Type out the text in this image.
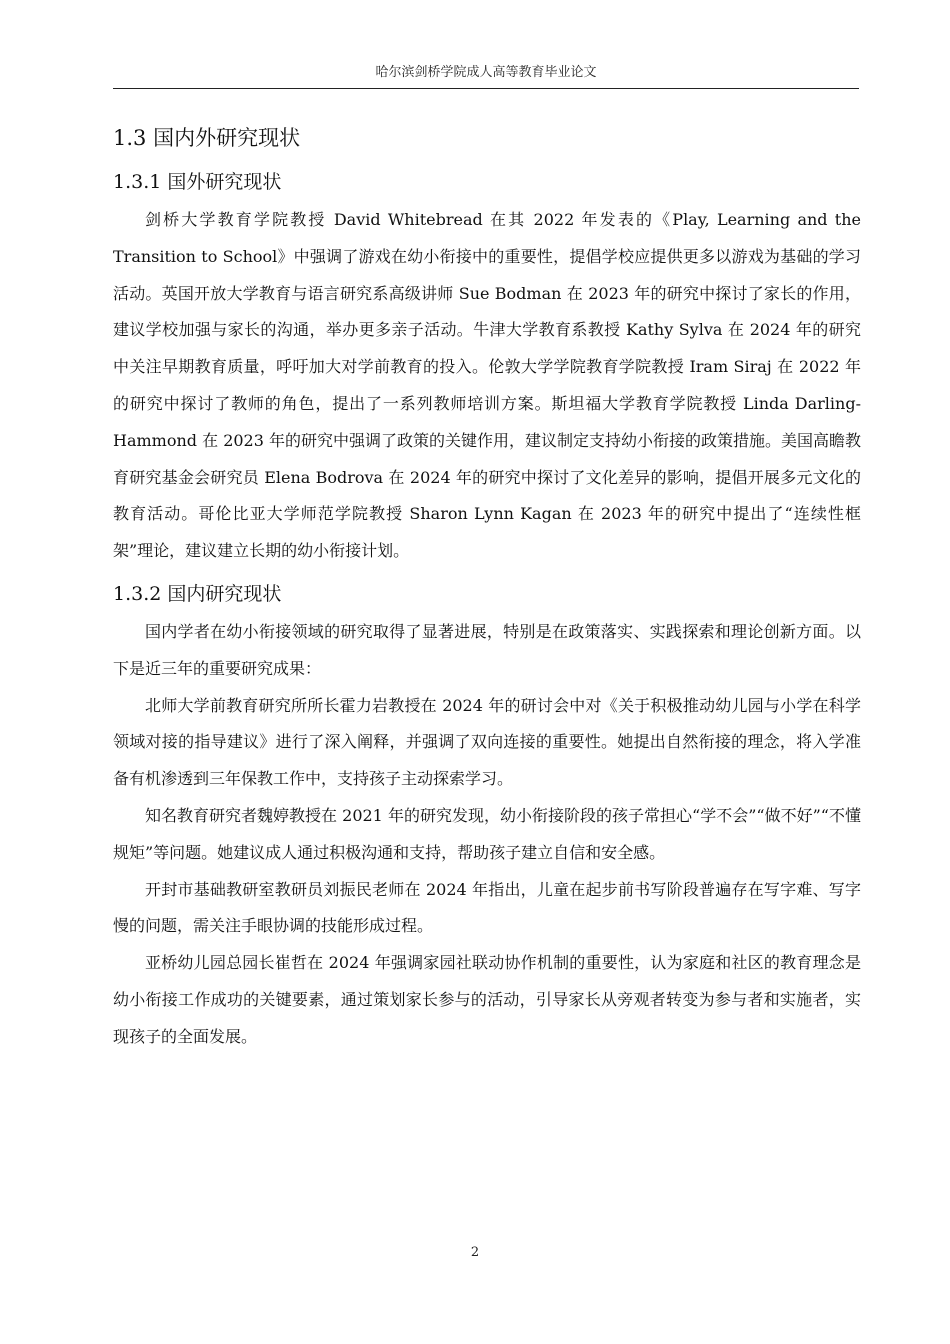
哈尔滨剑桥学院成人高等教育毕业论文
1.3 国内外研究现状
1.3.1 国外研究现状

剑桥大学教育学院教授 David Whitebread 在其 2022 年发表的《Play, Learning and the Transition to School》中强调了游戏在幼小衔接中的重要性，提倡学校应提供更多以游戏为基础的学习活动。英国开放大学教育与语言研究系高级讲师 Sue Bodman 在 2023 年的研究中探讨了家长的作用，建议学校加强与家长的沟通，举办更多亲子活动。牛津大学教育系教授 Kathy Sylva 在 2024 年的研究中关注早期教育质量，呼吁加大对学前教育的投入。伦敦大学学院教育学院教授 Iram Siraj 在 2022 年的研究中探讨了教师的角色，提出了一系列教师培训方案。斯坦福大学教育学院教授 Linda Darling-Hammond 在 2023 年的研究中强调了政策的关键作用，建议制定支持幼小衔接的政策措施。美国高瞻教育研究基金会研究员 Elena Bodrova 在 2024 年的研究中探讨了文化差异的影响，提倡开展多元文化的教育活动。哥伦比亚大学师范学院教授 Sharon Lynn Kagan 在 2023 年的研究中提出了“连续性框架”理论，建议建立长期的幼小衔接计划。

1.3.2 国内研究现状

国内学者在幼小衔接领域的研究取得了显著进展，特别是在政策落实、实践探索和理论创新方面。以下是近三年的重要研究成果：

北师大学前教育研究所所长霍力岩教授在 2024 年的研讨会中对《关于积极推动幼儿园与小学在科学领域对接的指导建议》进行了深入阐释，并强调了双向连接的重要性。她提出自然衔接的理念，将入学准备有机渗透到三年保教工作中，支持孩子主动探索学习。

知名教育研究者魏婷教授在 2021 年的研究发现，幼小衔接阶段的孩子常担心“学不会”“做不好”“不懂规矩”等问题。她建议成人通过积极沟通和支持，帮助孩子建立自信和安全感。

开封市基础教研室教研员刘振民老师在 2024 年指出，儿童在起步前书写阶段普遍存在写字难、写字慢的问题，需关注手眼协调的技能形成过程。

亚桥幼儿园总园长崔哲在 2024 年强调家园社联动协作机制的重要性，认为家庭和社区的教育理念是幼小衔接工作成功的关键要素，通过策划家长参与的活动，引导家长从旁观者转变为参与者和实施者，实现孩子的全面发展。

2
